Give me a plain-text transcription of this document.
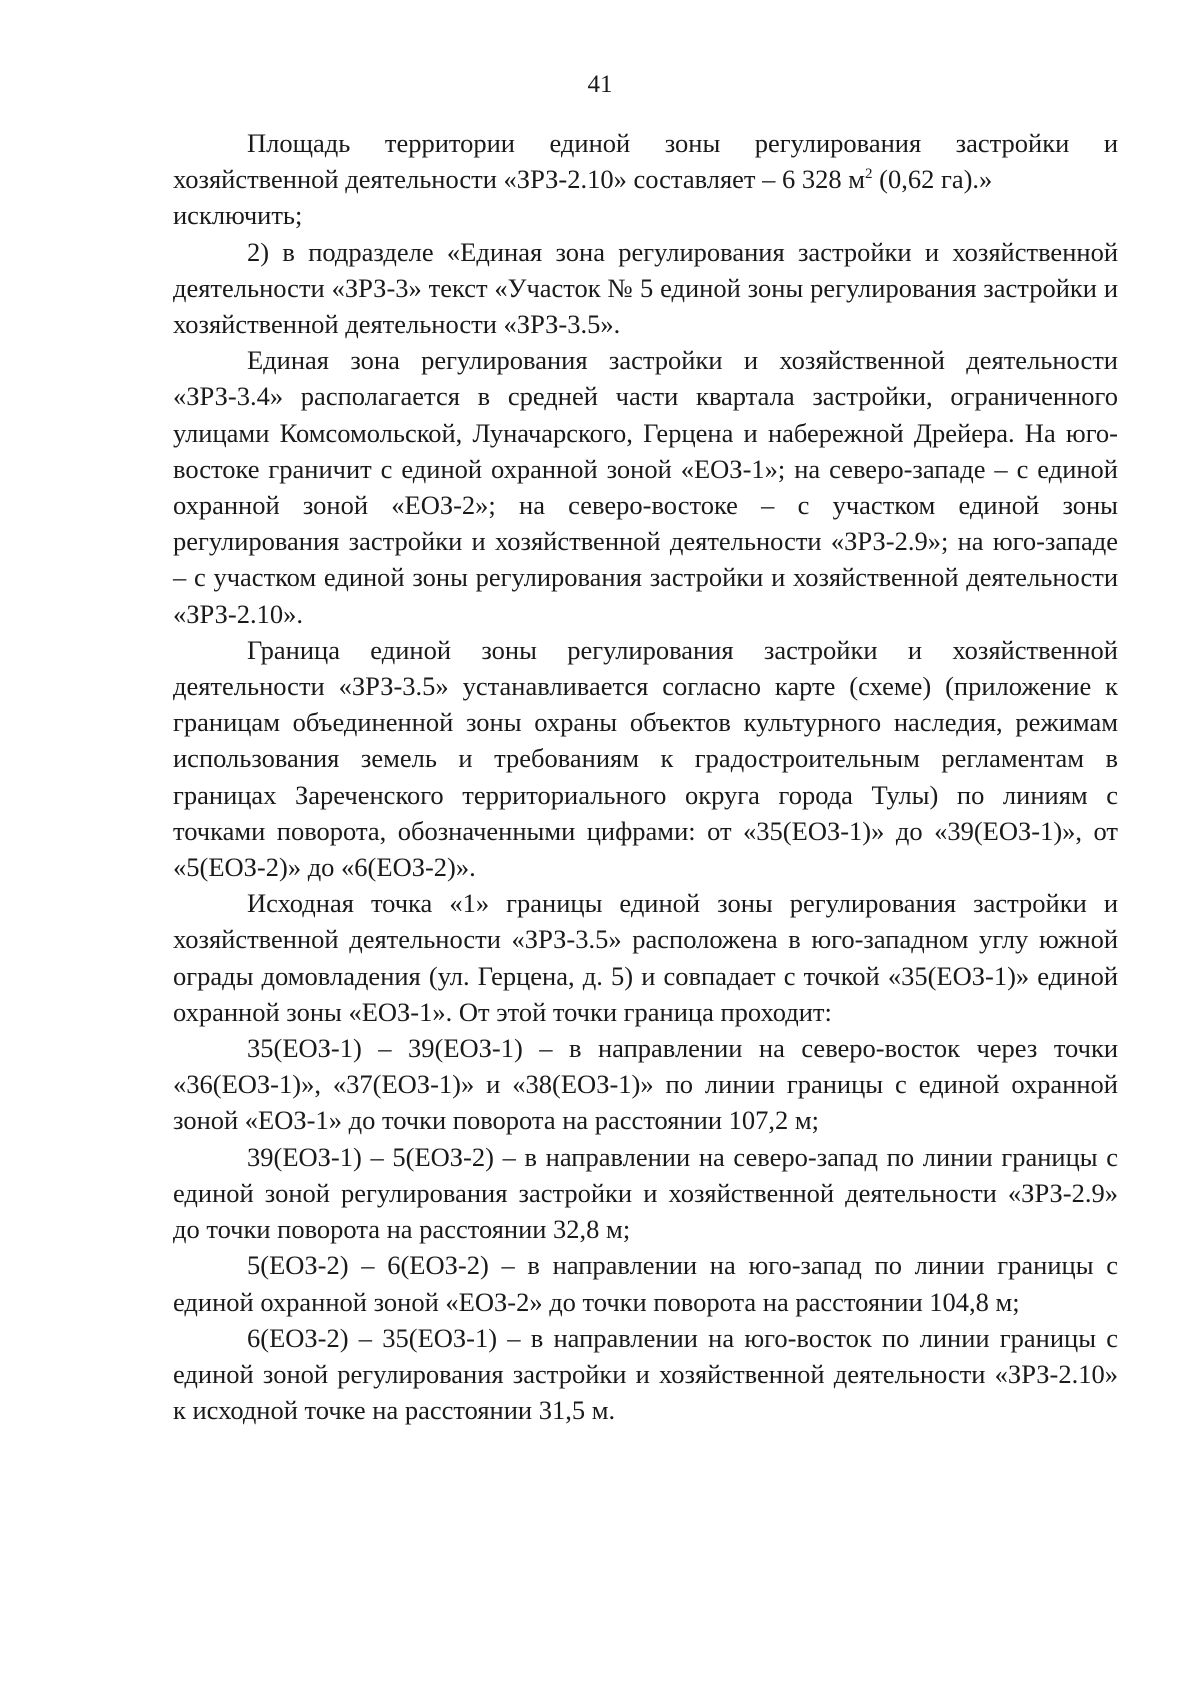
41

Площадь территории единой зоны регулирования застройки и хозяйственной деятельности «ЗРЗ-2.10» составляет – 6 328 $м^2$ (0,62 га).»

исключить;

2) в подразделе «Единая зона регулирования застройки и хозяйственной деятельности «ЗРЗ-3» текст «Участок № 5 единой зоны регулирования застройки и хозяйственной деятельности «ЗРЗ-3.5».

Единая зона регулирования застройки и хозяйственной деятельности «ЗРЗ-3.4» располагается в средней части квартала застройки, ограниченного улицами Комсомольской, Луначарского, Герцена и набережной Дрейера. На юго-востоке граничит с единой охранной зоной «ЕОЗ-1»; на северо-западе – с единой охранной зоной «ЕОЗ-2»; на северо-востоке – с участком единой зоны регулирования застройки и хозяйственной деятельности «ЗРЗ-2.9»; на юго-западе – с участком единой зоны регулирования застройки и хозяйственной деятельности «ЗРЗ-2.10».

Граница единой зоны регулирования застройки и хозяйственной деятельности «ЗРЗ-3.5» устанавливается согласно карте (схеме) (приложение к границам объединенной зоны охраны объектов культурного наследия, режимам использования земель и требованиям к градостроительным регламентам в границах Зареченского территориального округа города Тулы) по линиям с точками поворота, обозначенными цифрами: от «35(ЕОЗ-1)» до «39(ЕОЗ-1)», от «5(ЕОЗ-2)» до «6(ЕОЗ-2)».

Исходная точка «1» границы единой зоны регулирования застройки и хозяйственной деятельности «ЗРЗ-3.5» расположена в юго-западном углу южной ограды домовладения (ул. Герцена, д. 5) и совпадает с точкой «35(ЕОЗ-1)» единой охранной зоны «ЕОЗ-1». От этой точки граница проходит:

35(ЕОЗ-1) – 39(ЕОЗ-1) – в направлении на северо-восток через точки «36(ЕОЗ-1)», «37(ЕОЗ-1)» и «38(ЕОЗ-1)» по линии границы с единой охранной зоной «ЕОЗ-1» до точки поворота на расстоянии 107,2 м;

39(ЕОЗ-1) – 5(ЕОЗ-2) – в направлении на северо-запад по линии границы с единой зоной регулирования застройки и хозяйственной деятельности «ЗРЗ-2.9» до точки поворота на расстоянии 32,8 м;

5(ЕОЗ-2) – 6(ЕОЗ-2) – в направлении на юго-запад по линии границы с единой охранной зоной «ЕОЗ-2» до точки поворота на расстоянии 104,8 м;

6(ЕОЗ-2) – 35(ЕОЗ-1) – в направлении на юго-восток по линии границы с единой зоной регулирования застройки и хозяйственной деятельности «ЗРЗ-2.10» к исходной точке на расстоянии 31,5 м.
